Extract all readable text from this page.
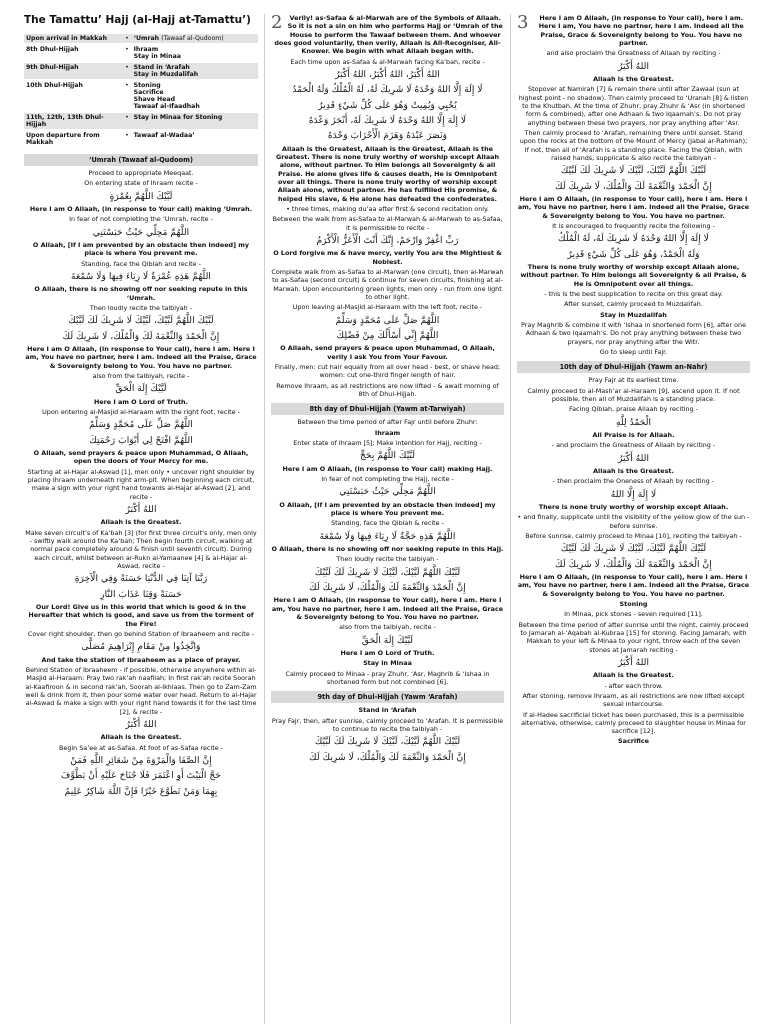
The Tamattu’ Hajj (al-Hajj at-Tamattu’)
Upon arrival in Makkah	•	‘Umrah (Tawaaf al-Qudoom)

8th Dhul-Hijjah	•	Ihraam
Stay in Minaa

9th Dhul-Hijjah	•	Stand in ‘Arafah
Stay in Muzdalifah

10th Dhul-Hijjah	•	Stoning
Sacrifice
Shave Head
Tawaaf al-Ifaadhah

11th, 12th, 13th Dhul-Hijjah	•	Stay in Minaa for Stoning

Upon departure from Makkah	•	Tawaaf al-Wadaa’
‘Umrah (Tawaaf al-Qudoom)
Proceed to appropriate Meeqaat.
On entering state of Ihraam recite -
لَبَّيْكَ اللَّهُمَّ بِعُمْرَةٍ
Here I am O Allaah, (in response to Your call) making ‘Umrah.
In fear of not completing the ‘Umrah, recite -
اللَّهُمَّ مَحِلِّي حَيْثُ حَبَسْتَنِي
O Allaah, [If I am prevented by an obstacle then indeed] my place is where You prevent me.
Standing, face the Qiblah and recite -
اللَّهُمَّ هَذِهِ عُمْرَةٌ لَا رِيَاءَ فِيهَا وَلَا سُمْعَةَ
O Allaah, there is no showing off nor seeking repute in this ‘Umrah.
Then loudly recite the talbiyah -
لَبَّيْكَ اللَّهُمَّ لَبَّيْكَ، لَبَّيْكَ لَا شَرِيكَ لَكَ لَبَّيْكَ
إِنَّ الْحَمْدَ وَالنِّعْمَةَ لَكَ وَالْمُلْكَ، لَا شَرِيكَ لَكَ
Here I am O Allaah, (in response to Your call), here I am. Here I am, You have no partner, here I am. Indeed all the Praise, Grace & Sovereignty belong to You. You have no partner.
also from the talbiyah, recite -
لَبَّيْكَ إِلَهَ الْحَقِّ
Here I am O Lord of Truth.
Upon entering al-Masjid al-Haraam with the right foot, recite -
اللَّهُمَّ صَلِّ عَلَى مُحَمَّدٍ وَسَلِّمْ
اللَّهُمَّ افْتَحْ لِي أَبْوَابَ رَحْمَتِكَ
O Allaah, send prayers & peace upon Muhammad, O Allaah, open the doors of Your Mercy for me.
Starting at al-Hajar al-Aswad [1], men only • uncover right shoulder by placing Ihraam underneath right arm-pit. When beginning each circuit, make a sign with your right hand towards al-Hajar al-Aswad [2], and recite -
اللهُ أَكْبَرُ
Allaah is the Greatest.
Make seven circuit’s of Ka’bah [3] (for first three circuit’s only, men only - swiftly walk around the Ka’bah; Then begin fourth circuit, walking at normal pace completely around & finish until seventh circuit). During each circuit, whilst between ar-Rukn al-Yamaanee [4] & al-Hajar al-Aswad, recite -
رَبَّنَا آتِنَا فِي الدُّنْيَا حَسَنَةً وَفِي الْآخِرَةِ
حَسَنَةً وَقِنَا عَذَابَ النَّارِ
Our Lord! Give us in this world that which is good & in the Hereafter that which is good, and save us from the torment of the Fire!
Cover right shoulder, then go behind Station of Ibraaheem and recite -
وَاتَّخِذُوا مِنْ مَقَامِ إِبْرَاهِيمَ مُصَلًّى
And take the station of Ibraaheem as a place of prayer.
Behind Station of Ibraaheem - if possible, otherwise anywhere within al-Masjid al-Haraam: Pray two rak’ah naafilah; In first rak’ah recite Soorah al-Kaafiroon & in second rak’ah, Soorah al-Ikhlaas. Then go to Zam-Zam well & drink from it, then pour some water over head. Return to al-Hajar al-Aswad & make a sign with your right hand towards it for the last time [2], & recite -
اللهُ أَكْبَرُ
Allaah is the Greatest.
Begin Sa’ee at as-Safaa. At foot of as-Safaa recite -
إِنَّ الصَّفَا وَالْمَرْوَةَ مِنْ شَعَائِرِ اللَّهِ فَمَنْ
حَجَّ الْبَيْتَ أَوِ اعْتَمَرَ فَلَا جُنَاحَ عَلَيْهِ أَنْ يَطَّوَّفَ
بِهِمَا وَمَنْ تَطَوَّعَ خَيْرًا فَإِنَّ اللَّهَ شَاكِرٌ عَلِيمٌ
2	Verily! as-Safaa & al-Marwah are of the Symbols of Allaah. So it is not a sin on him who performs Hajj or ‘Umrah of the House to perform the Tawaaf between them. And whoever does good voluntarily, then verily, Allaah is All-Recogniser, All-Knower. We begin with what Allaah began with.
Each time upon as-Safaa & al-Marwah facing Ka’bah, recite -
اللهُ أَكْبَرُ، اللهُ أَكْبَرُ، اللهُ أَكْبَرُ
لَا إِلَهَ إِلَّا اللهُ وَحْدَهُ لَا شَرِيكَ لَهُ، لَهُ الْمُلْكُ وَلَهُ الْحَمْدُ
يُحْيِي وَيُمِيتُ وَهُوَ عَلَى كُلِّ شَيْءٍ قَدِيرٌ
لَا إِلَهَ إِلَّا اللهُ وَحْدَهُ لَا شَرِيكَ لَهُ، أَنْجَزَ وَعْدَهُ
وَنَصَرَ عَبْدَهُ وَهَزَمَ الْأَحْزَابَ وَحْدَهُ
Allaah is the Greatest, Allaah is the Greatest, Allaah is the Greatest. There is none truly worthy of worship except Allaah alone, without partner. To Him belongs all Sovereignty & all Praise. He alone gives life & causes death, He is Omnipotent over all things. There is none truly worthy of worship except Allaah alone, without partner. He has fulfilled His promise, & helped His slave, & He alone has defeated the confederates.
• three times, making du’aa after first & second recitation only.
Between the walk from as-Safaa to al-Marwah & al-Marwah to as-Safaa, it is permissible to recite -
رَبِّ اغْفِرْ وَارْحَمْ، إِنَّكَ أَنْتَ الْأَعَزُّ الْأَكْرَمُ
O Lord forgive me & have mercy, verily You are the Mightiest & Noblest.
Complete walk from as-Safaa to al-Marwah (one circuit), then al-Marwah to as-Safaa (second circuit) & continue for seven circuits, finishing at al-Marwah. Upon encountering green lights, men only - run from one light to other light.
Upon leaving al-Masjid al-Haraam with the left foot, recite -
اللَّهُمَّ صَلِّ عَلَى مُحَمَّدٍ وَسَلِّمْ
اللَّهُمَّ إِنِّي أَسْأَلُكَ مِنْ فَضْلِكَ
O Allaah, send prayers & peace upon Muhammad, O Allaah, verily I ask You from Your Favour.
Finally, men: cut hair equally from all over head - best, or shave head; women: cut one-third finger length of hair.
Remove Ihraam, as all restrictions are now lifted - & await morning of 8th of Dhul-Hijjah.
8th day of Dhul-Hijjah (Yawm at-Tarwiyah)
Between the time period of after Fajr until before Zhuhr:
Ihraam
Enter state of Ihraam [5]; Make intention for Hajj, reciting -
لَبَّيْكَ اللَّهُمَّ بِحَجٍّ
Here I am O Allaah, (in response to Your call) making Hajj.
In fear of not completing the Hajj, recite -
اللَّهُمَّ مَحِلِّي حَيْثُ حَبَسْتَنِي
O Allaah, [If I am prevented by an obstacle then indeed] my place is where You prevent me.
Standing, face the Qiblah & recite -
اللَّهُمَّ هَذِهِ حَجَّةٌ لَا رِيَاءَ فِيهَا وَلَا سُمْعَةَ
O Allaah, there is no showing off nor seeking repute in this Hajj.
Then loudly recite the talbiyah -
لَبَّيْكَ اللَّهُمَّ لَبَّيْكَ، لَبَّيْكَ لَا شَرِيكَ لَكَ لَبَّيْكَ
إِنَّ الْحَمْدَ وَالنِّعْمَةَ لَكَ وَالْمُلْكَ، لَا شَرِيكَ لَكَ
Here I am O Allaah, (in response to Your call), here I am. Here I am, You have no partner, here I am. Indeed all the Praise, Grace & Sovereignty belong to You. You have no partner.
also from the talbiyah, recite -
لَبَّيْكَ إِلَهَ الْحَقِّ
Here I am O Lord of Truth.
Stay in Minaa
Calmly proceed to Minaa - pray Zhuhr, ‘Asr, Maghrib & ‘Ishaa in shortened form but not combined [6].
9th day of Dhul-Hijjah (Yawm ‘Arafah)
Stand in ‘Arafah
Pray Fajr, then, after sunrise, calmly proceed to ‘Arafah. It is permissible to continue to recite the talbiyah -
لَبَّيْكَ اللَّهُمَّ لَبَّيْكَ، لَبَّيْكَ لَا شَرِيكَ لَكَ لَبَّيْكَ
إِنَّ الْحَمْدَ وَالنِّعْمَةَ لَكَ وَالْمُلْكَ، لَا شَرِيكَ لَكَ
3	Here I am O Allaah, (in response to Your call), here I am. Here I am, You have no partner, here I am. Indeed all the Praise, Grace & Sovereignty belong to You. You have no partner.
and also proclaim the Greatness of Allaah by reciting -
اللهُ أَكْبَرُ
Allaah is the Greatest.
Stopover at Namirah [7] & remain there until after Zawaal (sun at highest point - no shadow). Then calmly proceed to ‘Uranah [8] & listen to the Khutbah. At the time of Zhuhr, pray Zhuhr & ‘Asr (in shortened form & combined), after one Adhaan & two Iqaamah’s. Do not pray anything between these two prayers, nor pray anything after ‘Asr.
Then calmly proceed to ‘Arafah, remaining there until sunset. Stand upon the rocks at the bottom of the Mount of Mercy (Jabal ar-Rahmah); If not, then all of ‘Arafah is a standing place. Facing the Qiblah, with raised hands, supplicate & also recite the talbiyah -
لَبَّيْكَ اللَّهُمَّ لَبَّيْكَ، لَبَّيْكَ لَا شَرِيكَ لَكَ لَبَّيْكَ
إِنَّ الْحَمْدَ وَالنِّعْمَةَ لَكَ وَالْمُلْكَ، لَا شَرِيكَ لَكَ
Here I am O Allaah, (in response to Your call), here I am. Here I am, You have no partner, here I am. Indeed all the Praise, Grace & Sovereignty belong to You. You have no partner.
It is encouraged to frequently recite the following -
لَا إِلَهَ إِلَّا اللهُ وَحْدَهُ لَا شَرِيكَ لَهُ، لَهُ الْمُلْكُ
وَلَهُ الْحَمْدُ، وَهُوَ عَلَى كُلِّ شَيْءٍ قَدِيرٌ
There is none truly worthy of worship except Allaah alone, without partner. To Him belongs all Sovereignty & all Praise, & He is Omnipotent over all things.
- this is the best supplication to recite on this great day.
After sunset, calmly proceed to Muzdalifah.
Stay in Muzdalifah
Pray Maghrib & combine it with ‘Ishaa in shortened form [6], after one Adhaan & two Iqaamah’s. Do not pray anything between these two prayers, nor pray anything after the Witr.
Go to sleep until Fajr.
10th day of Dhul-Hijjah (Yawm an-Nahr)
Pray Fajr at its earliest time.
Calmly proceed to al-Mash’ar al-Haraam [9], ascend upon it. If not possible, then all of Muzdalifah is a standing place.
Facing Qiblah, praise Allaah by reciting -
الْحَمْدُ لِلَّهِ
All Praise is for Allaah.
- and proclaim the Greatness of Allaah by reciting -
اللهُ أَكْبَرُ
Allaah is the Greatest.
- then proclaim the Oneness of Allaah by reciting -
لَا إِلَهَ إِلَّا اللهُ
There is none truly worthy of worship except Allaah.
• and finally, supplicate until the visibility of the yellow glow of the sun - before sunrise.
Before sunrise, calmly proceed to Minaa [10], reciting the talbiyah -
لَبَّيْكَ اللَّهُمَّ لَبَّيْكَ، لَبَّيْكَ لَا شَرِيكَ لَكَ لَبَّيْكَ
إِنَّ الْحَمْدَ وَالنِّعْمَةَ لَكَ وَالْمُلْكَ، لَا شَرِيكَ لَكَ
Here I am O Allaah, (in response to Your call), here I am. Here I am, You have no partner, here I am. Indeed all the Praise, Grace & Sovereignty belong to You. You have no partner.
Stoning
In Minaa, pick stones - seven required [11].
Between the time period of after sunrise until the night, calmly proceed to Jamarah al-‘Aqabah al-Kubraa [15] for stoning. Facing Jamarah, with Makkah to your left & Minaa to your right, throw each of the seven stones at Jamarah reciting -
اللهُ أَكْبَرُ
Allaah is the Greatest.
- after each throw.
After stoning, remove Ihraam, as all restrictions are now lifted except sexual intercourse.
If al-Hadee sacrificial ticket has been purchased, this is a permissible alternative, otherwise, calmly proceed to slaughter house in Minaa for sacrifice [12].
Sacrifice
